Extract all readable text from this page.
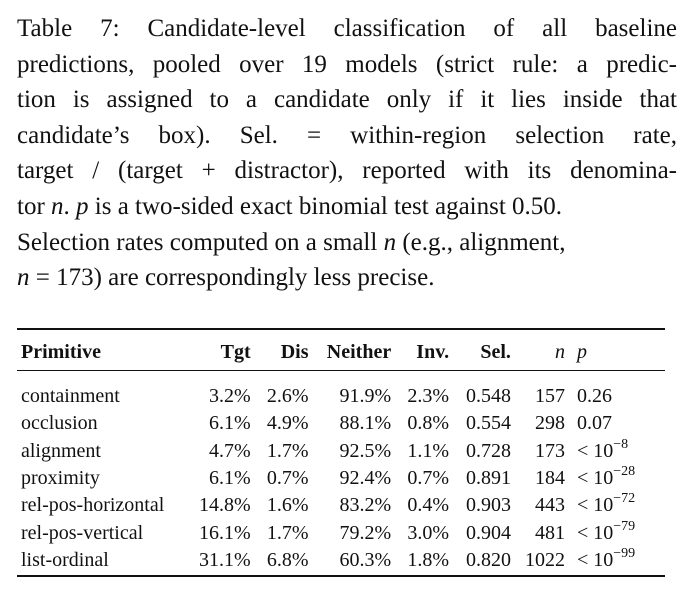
Table 7: Candidate-level classification of all baseline
predictions, pooled over 19 models (strict rule: a predic-
tion is assigned to a candidate only if it lies inside that
candidate’s box). Sel. = within-region selection rate,
target / (target + distractor), reported with its denomina-
tor n. p is a two-sided exact binomial test against 0.50.
Selection rates computed on a small n (e.g., alignment,
n = 173) are correspondingly less precise.
Primitive	Tgt	Dis	Neither	Inv.	Sel.	n	p
containment	3.2%	2.6%	91.9%	2.3%	0.548	157	0.26
occlusion	6.1%	4.9%	88.1%	0.8%	0.554	298	0.07
alignment	4.7%	1.7%	92.5%	1.1%	0.728	173	< $10^{-8}$
proximity	6.1%	0.7%	92.4%	0.7%	0.891	184	< $10^{-28}$
rel-pos-horizontal	14.8%	1.6%	83.2%	0.4%	0.903	443	< $10^{-72}$
rel-pos-vertical	16.1%	1.7%	79.2%	3.0%	0.904	481	< $10^{-79}$
list-ordinal	31.1%	6.8%	60.3%	1.8%	0.820	1022	< $10^{-99}$
